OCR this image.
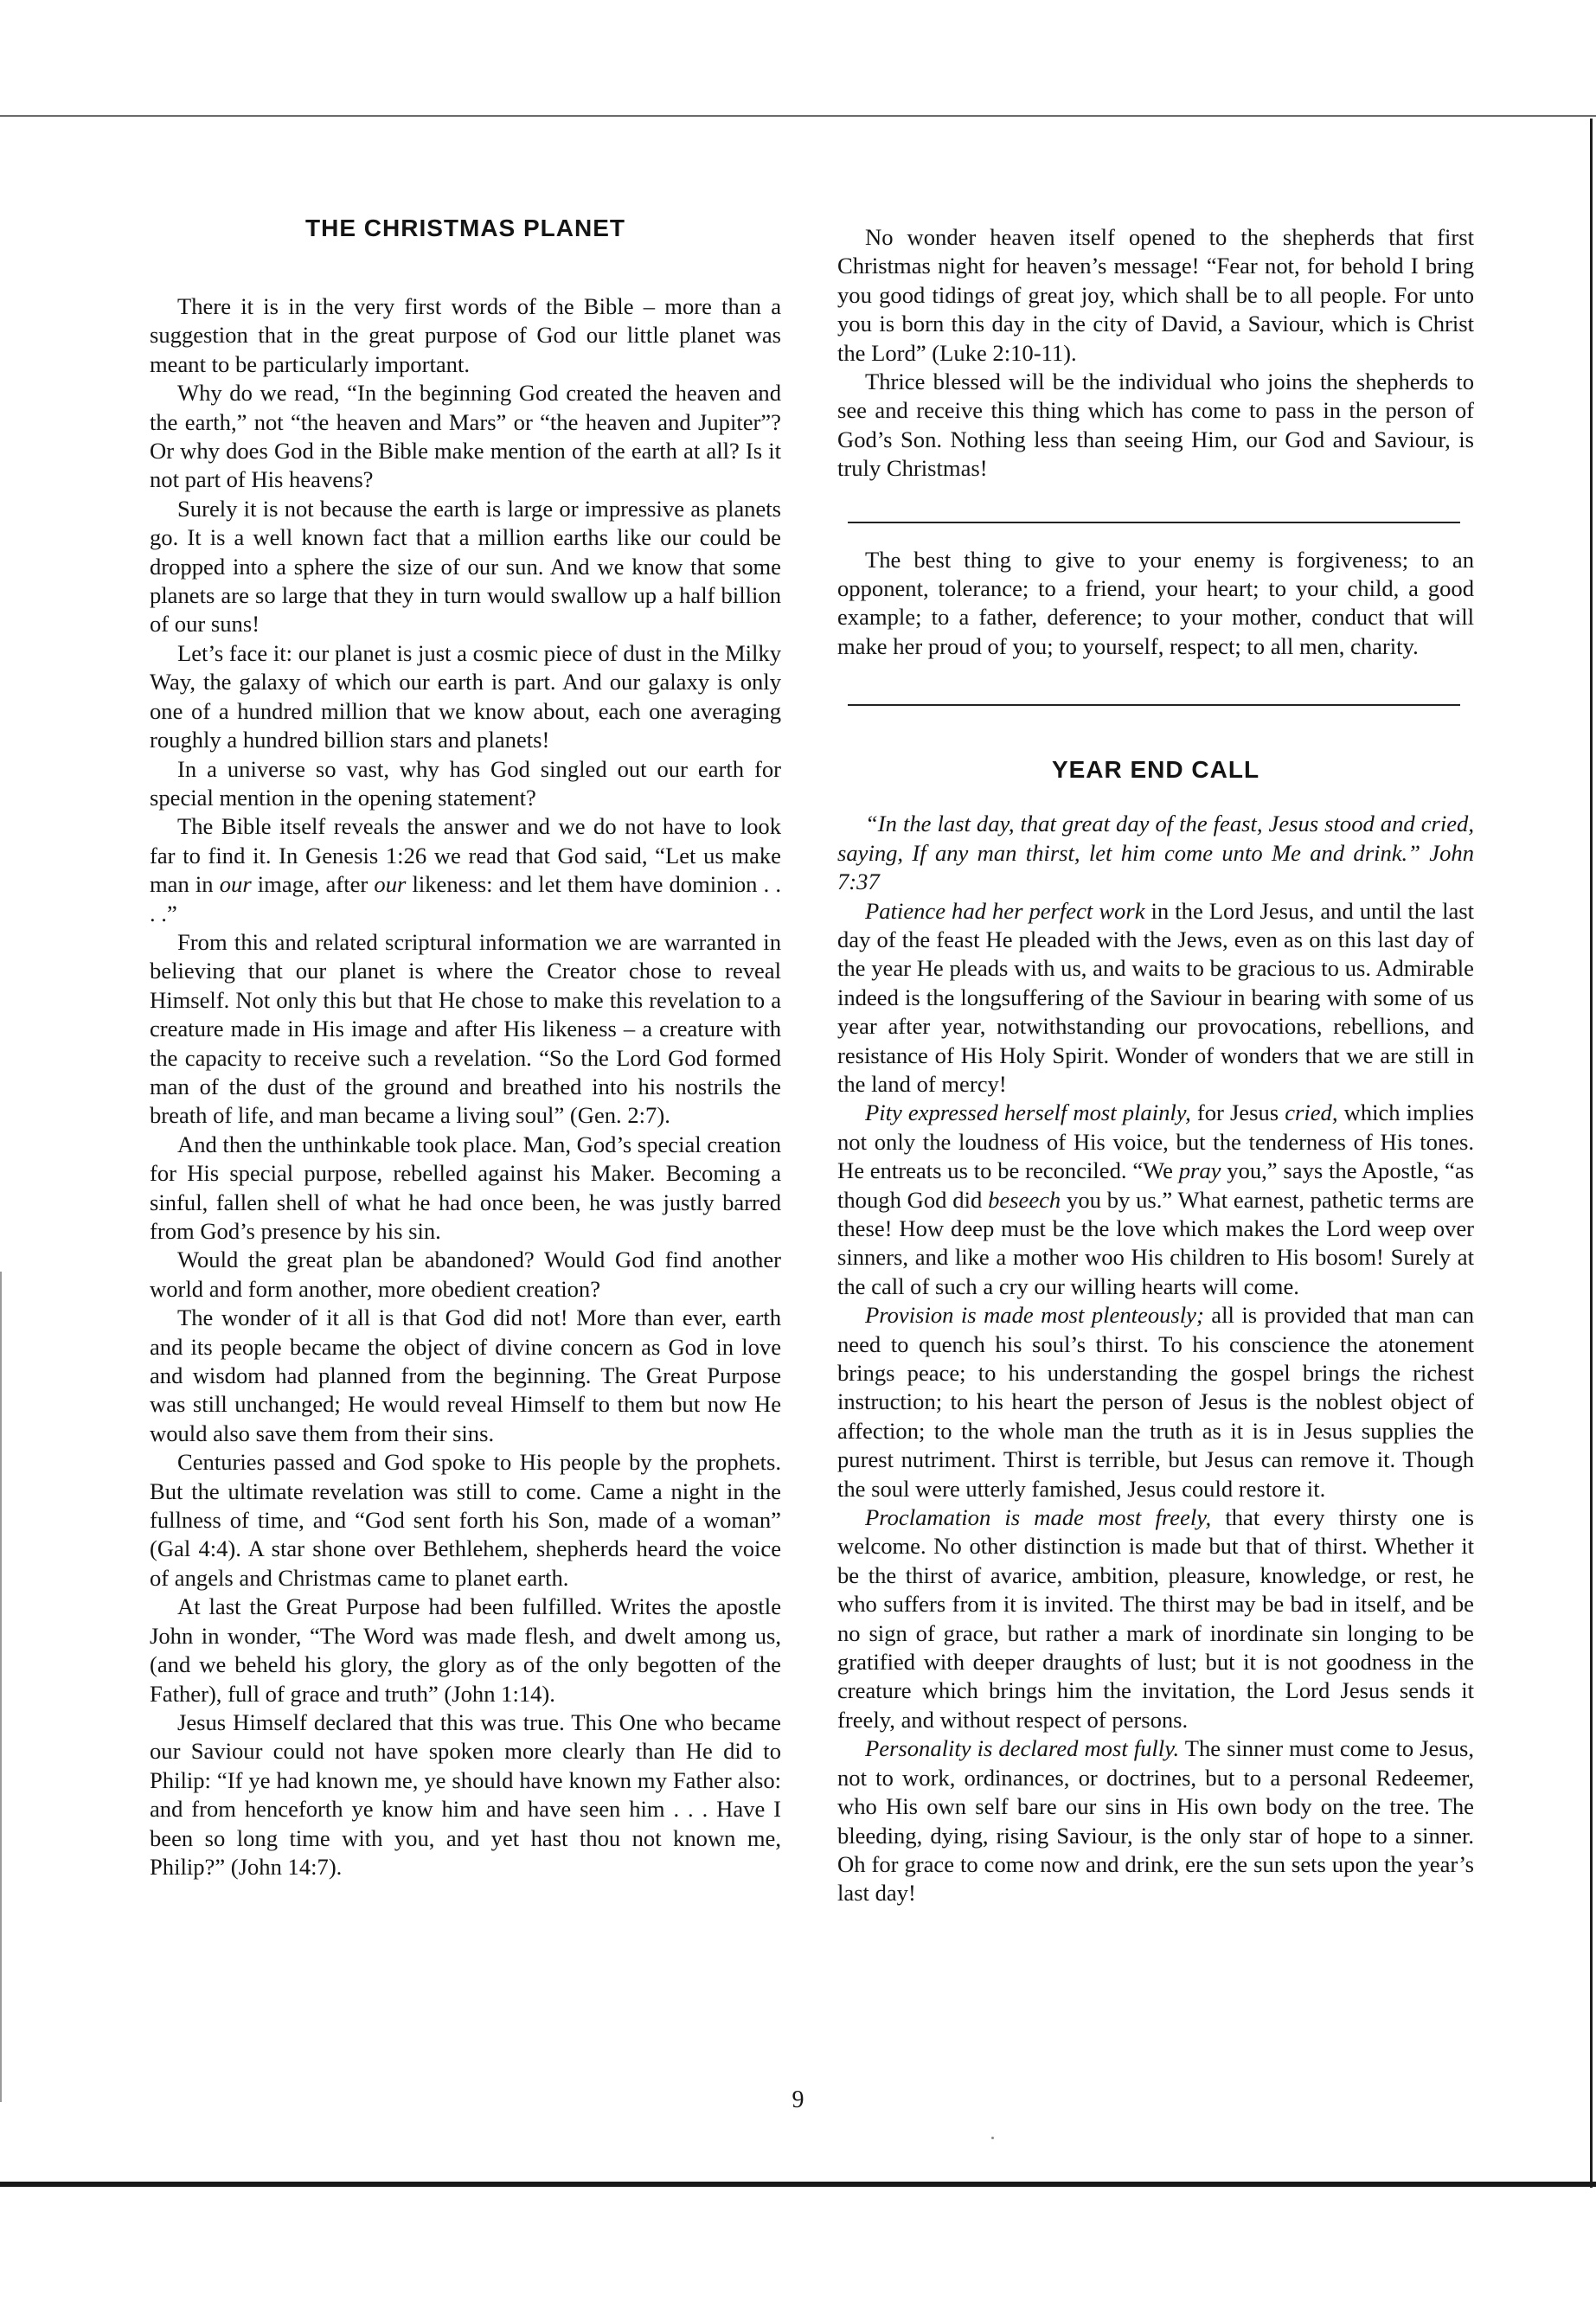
THE CHRISTMAS PLANET

There it is in the very first words of the Bible – more than a suggestion that in the great purpose of God our little planet was meant to be particularly important.

Why do we read, “In the beginning God created the heaven and the earth,” not “the heaven and Mars” or “the heaven and Jupiter”? Or why does God in the Bible make mention of the earth at all? Is it not part of His heavens?

Surely it is not because the earth is large or impressive as planets go. It is a well known fact that a million earths like our could be dropped into a sphere the size of our sun. And we know that some planets are so large that they in turn would swallow up a half billion of our suns!

Let’s face it: our planet is just a cosmic piece of dust in the Milky Way, the galaxy of which our earth is part. And our galaxy is only one of a hundred million that we know about, each one averaging roughly a hundred billion stars and planets!

In a universe so vast, why has God singled out our earth for special mention in the opening statement?

The Bible itself reveals the answer and we do not have to look far to find it. In Genesis 1:26 we read that God said, “Let us make man in our image, after our likeness: and let them have dominion . . . .”

From this and related scriptural information we are warranted in believing that our planet is where the Creator chose to reveal Himself. Not only this but that He chose to make this revelation to a creature made in His image and after His likeness – a creature with the capacity to receive such a revelation. “So the Lord God formed man of the dust of the ground and breathed into his nostrils the breath of life, and man became a living soul” (Gen. 2:7).

And then the unthinkable took place. Man, God’s special creation for His special purpose, rebelled against his Maker. Becoming a sinful, fallen shell of what he had once been, he was justly barred from God’s presence by his sin.

Would the great plan be abandoned? Would God find another world and form another, more obedient creation?

The wonder of it all is that God did not! More than ever, earth and its people became the object of divine concern as God in love and wisdom had planned from the beginning. The Great Purpose was still unchanged; He would reveal Himself to them but now He would also save them from their sins.

Centuries passed and God spoke to His people by the prophets. But the ultimate revelation was still to come. Came a night in the fullness of time, and “God sent forth his Son, made of a woman” (Gal 4:4). A star shone over Bethlehem, shepherds heard the voice of angels and Christmas came to planet earth.

At last the Great Purpose had been fulfilled. Writes the apostle John in wonder, “The Word was made flesh, and dwelt among us, (and we beheld his glory, the glory as of the only begotten of the Father), full of grace and truth” (John 1:14).

Jesus Himself declared that this was true. This One who became our Saviour could not have spoken more clearly than He did to Philip: “If ye had known me, ye should have known my Father also: and from henceforth ye know him and have seen him . . . Have I been so long time with you, and yet hast thou not known me, Philip?” (John 14:7).

No wonder heaven itself opened to the shepherds that first Christmas night for heaven’s message! “Fear not, for behold I bring you good tidings of great joy, which shall be to all people. For unto you is born this day in the city of David, a Saviour, which is Christ the Lord” (Luke 2:10-11).

Thrice blessed will be the individual who joins the shepherds to see and receive this thing which has come to pass in the person of God’s Son. Nothing less than seeing Him, our God and Saviour, is truly Christmas!

The best thing to give to your enemy is forgiveness; to an opponent, tolerance; to a friend, your heart; to your child, a good example; to a father, deference; to your mother, conduct that will make her proud of you; to yourself, respect; to all men, charity.

YEAR END CALL

“In the last day, that great day of the feast, Jesus stood and cried, saying, If any man thirst, let him come unto Me and drink.” John 7:37

Patience had her perfect work in the Lord Jesus, and until the last day of the feast He pleaded with the Jews, even as on this last day of the year He pleads with us, and waits to be gracious to us. Admirable indeed is the longsuffering of the Saviour in bearing with some of us year after year, notwithstanding our provocations, rebellions, and resistance of His Holy Spirit. Wonder of wonders that we are still in the land of mercy!

Pity expressed herself most plainly, for Jesus cried, which implies not only the loudness of His voice, but the tenderness of His tones. He entreats us to be reconciled. “We pray you,” says the Apostle, “as though God did beseech you by us.” What earnest, pathetic terms are these! How deep must be the love which makes the Lord weep over sinners, and like a mother woo His children to His bosom! Surely at the call of such a cry our willing hearts will come.

Provision is made most plenteously; all is provided that man can need to quench his soul’s thirst. To his conscience the atonement brings peace; to his understanding the gospel brings the richest instruction; to his heart the person of Jesus is the noblest object of affection; to the whole man the truth as it is in Jesus supplies the purest nutriment. Thirst is terrible, but Jesus can remove it. Though the soul were utterly famished, Jesus could restore it.

Proclamation is made most freely, that every thirsty one is welcome. No other distinction is made but that of thirst. Whether it be the thirst of avarice, ambition, pleasure, knowledge, or rest, he who suffers from it is invited. The thirst may be bad in itself, and be no sign of grace, but rather a mark of inordinate sin longing to be gratified with deeper draughts of lust; but it is not goodness in the creature which brings him the invitation, the Lord Jesus sends it freely, and without respect of persons.

Personality is declared most fully. The sinner must come to Jesus, not to work, ordinances, or doctrines, but to a personal Redeemer, who His own self bare our sins in His own body on the tree. The bleeding, dying, rising Saviour, is the only star of hope to a sinner. Oh for grace to come now and drink, ere the sun sets upon the year’s last day!

9
